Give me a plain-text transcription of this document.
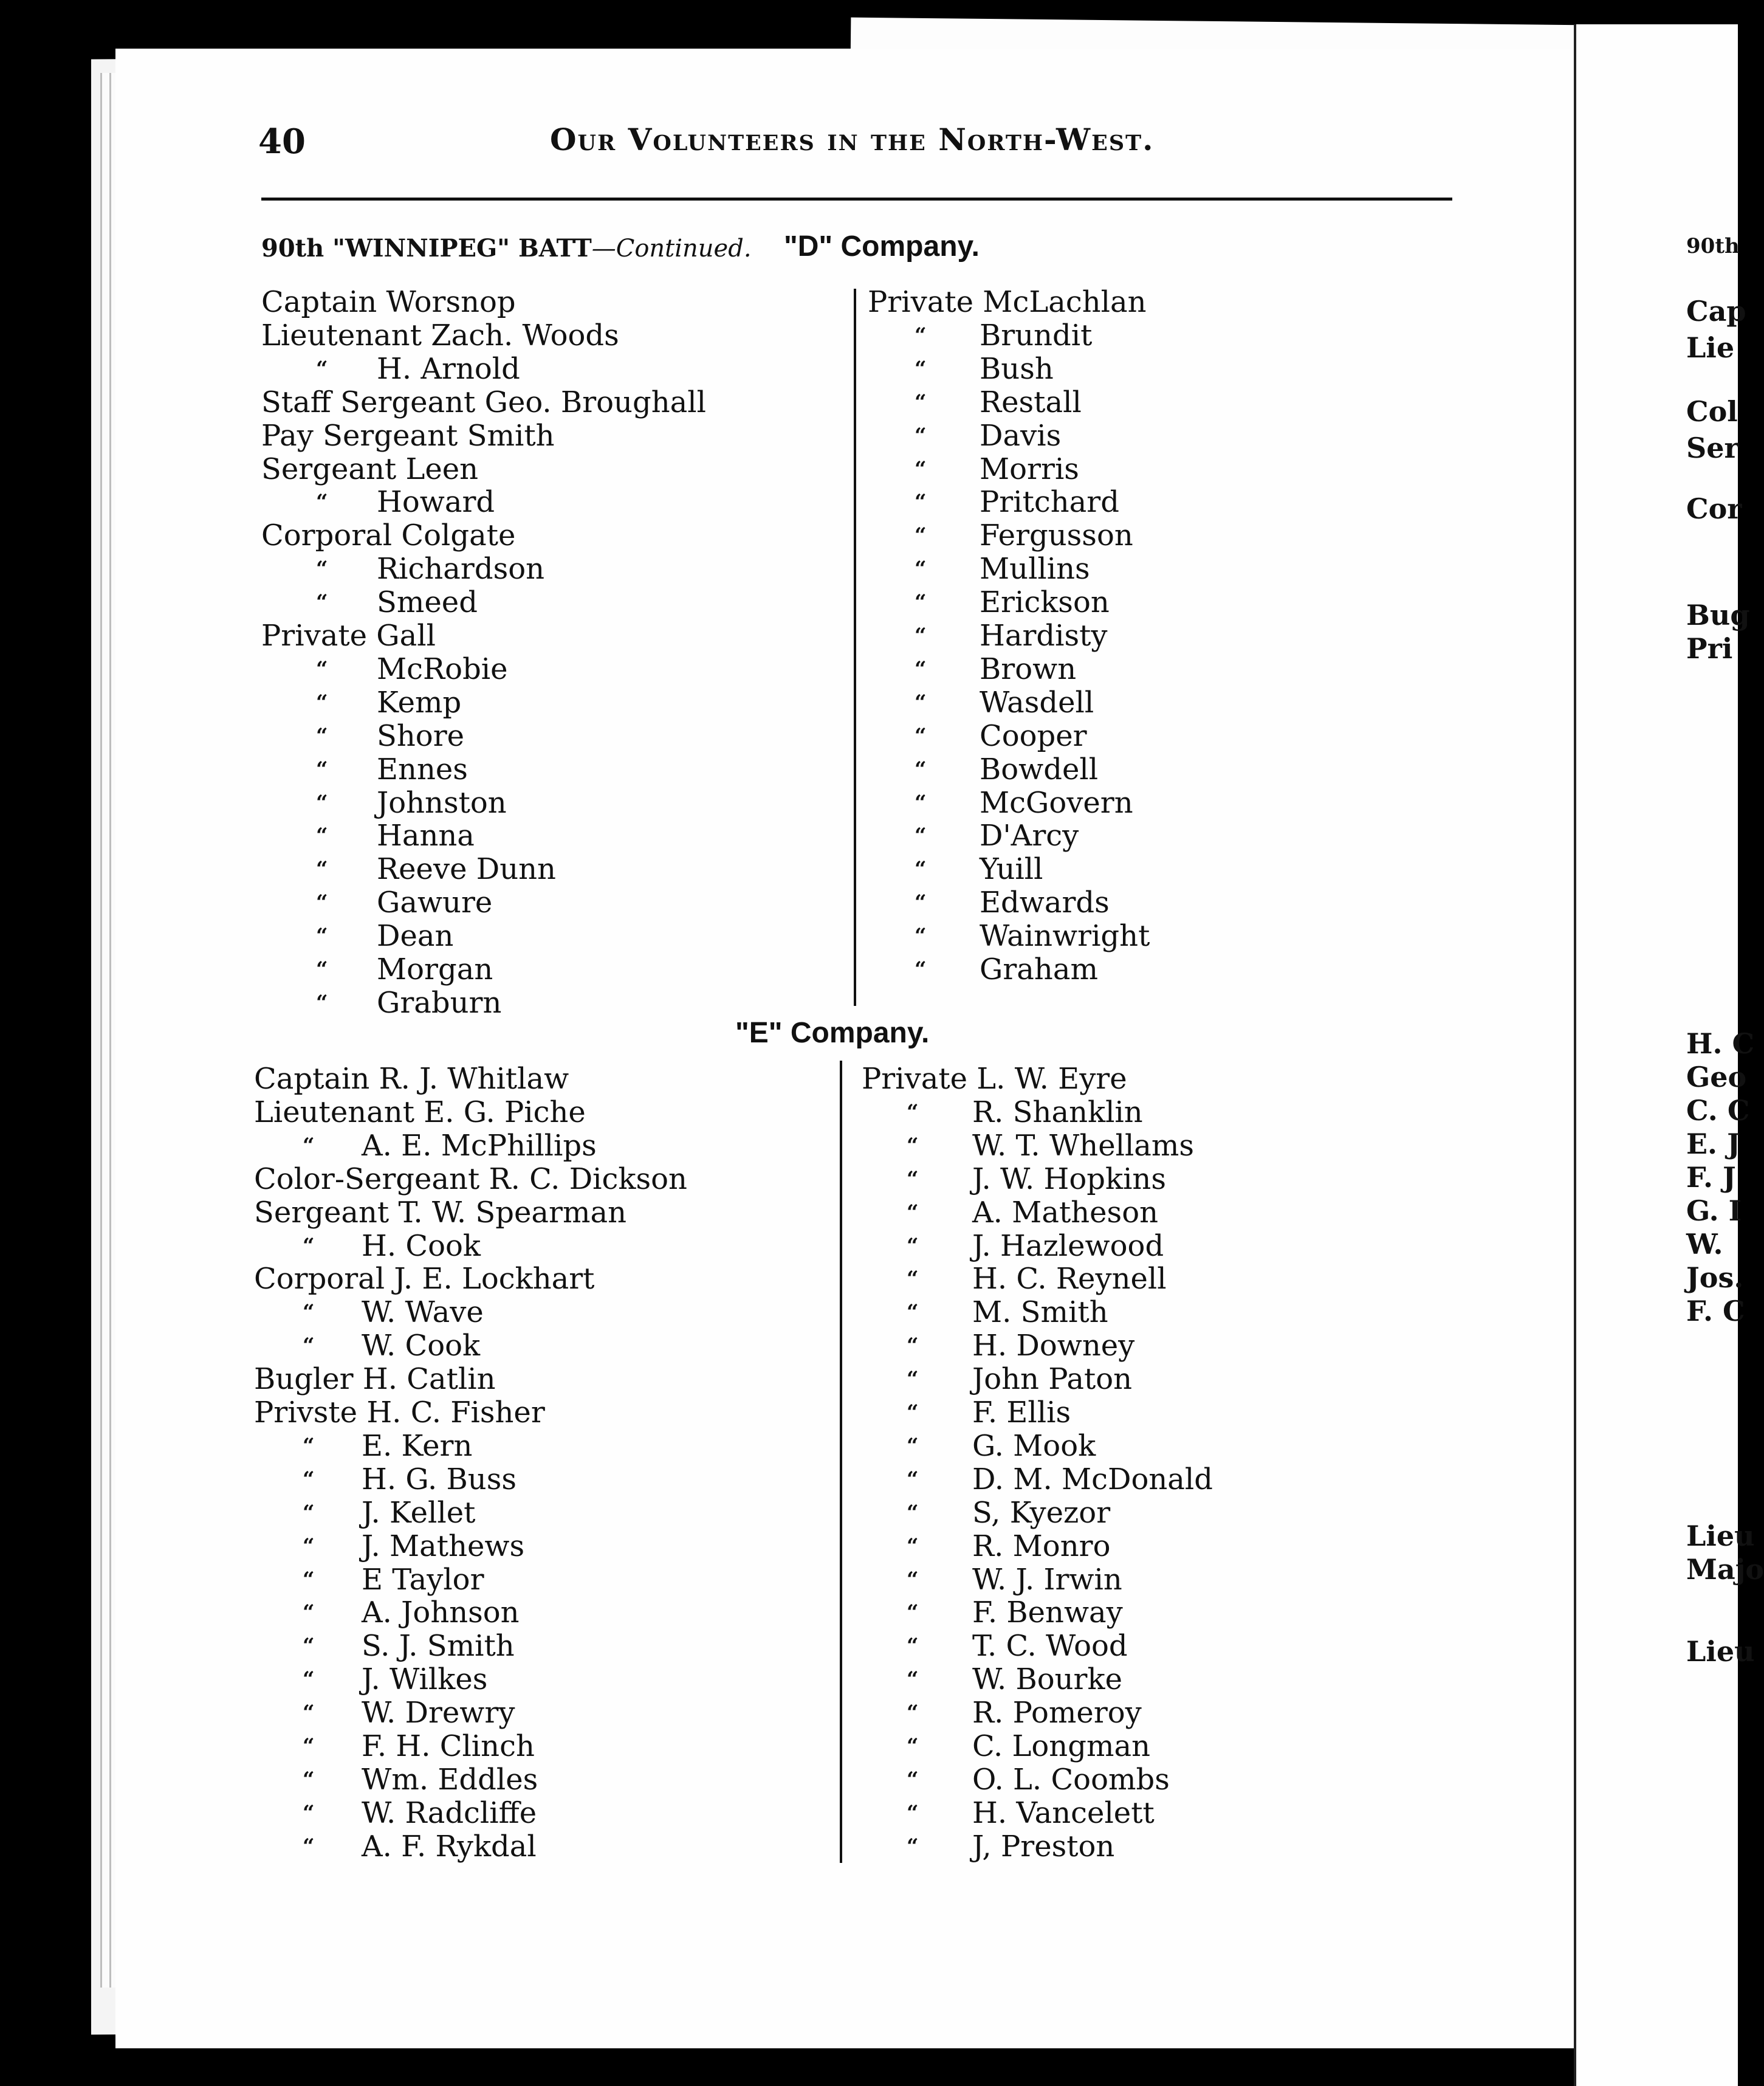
40	Our Volunteers in the North-West.
90th "WINNIPEG" BATT—Continued. "D" Company.
Captain Worsnop
Lieutenant Zach. Woods
“ H. Arnold
Staff Sergeant Geo. Broughall
Pay Sergeant Smith
Sergeant Leen
“ Howard
Corporal Colgate
“ Richardson
“ Smeed
Private Gall
“ McRobie
“ Kemp
“ Shore
“ Ennes
“ Johnston
“ Hanna
“ Reeve Dunn
“ Gawure
“ Dean
“ Morgan
“ Graburn
Private McLachlan
“ Brundit
“ Bush
“ Restall
“ Davis
“ Morris
“ Pritchard
“ Fergusson
“ Mullins
“ Erickson
“ Hardisty
“ Brown
“ Wasdell
“ Cooper
“ Bowdell
“ McGovern
“ D'Arcy
“ Yuill
“ Edwards
“ Wainwright
“ Graham
"E" Company.
Captain R. J. Whitlaw
Lieutenant E. G. Piche
“ A. E. McPhillips
Color-Sergeant R. C. Dickson
Sergeant T. W. Spearman
“ H. Cook
Corporal J. E. Lockhart
“ W. Wave
“ W. Cook
Bugler H. Catlin
Privste H. C. Fisher
“ E. Kern
“ H. G. Buss
“ J. Kellet
“ J. Mathews
“ E Taylor
“ A. Johnson
“ S. J. Smith
“ J. Wilkes
“ W. Drewry
“ F. H. Clinch
“ Wm. Eddles
“ W. Radcliffe
“ A. F. Rykdal
Private L. W. Eyre
“ R. Shanklin
“ W. T. Whellams
“ J. W. Hopkins
“ A. Matheson
“ J. Hazlewood
“ H. C. Reynell
“ M. Smith
“ H. Downey
“ John Paton
“ F. Ellis
“ G. Mook
“ D. M. McDonald
“ S, Kyezor
“ R. Monro
“ W. J. Irwin
“ F. Benway
“ T. C. Wood
“ W. Bourke
“ R. Pomeroy
“ C. Longman
“ O. L. Coombs
“ H. Vancelett
“ J, Preston
90th
Cap
Lie
Col
Ser
Cor
Bug
Pri
H. C
Geo
C. C
E. J
F. J
G. I
W.
Jos.
F. C
Lieu
Majo
Lieu
